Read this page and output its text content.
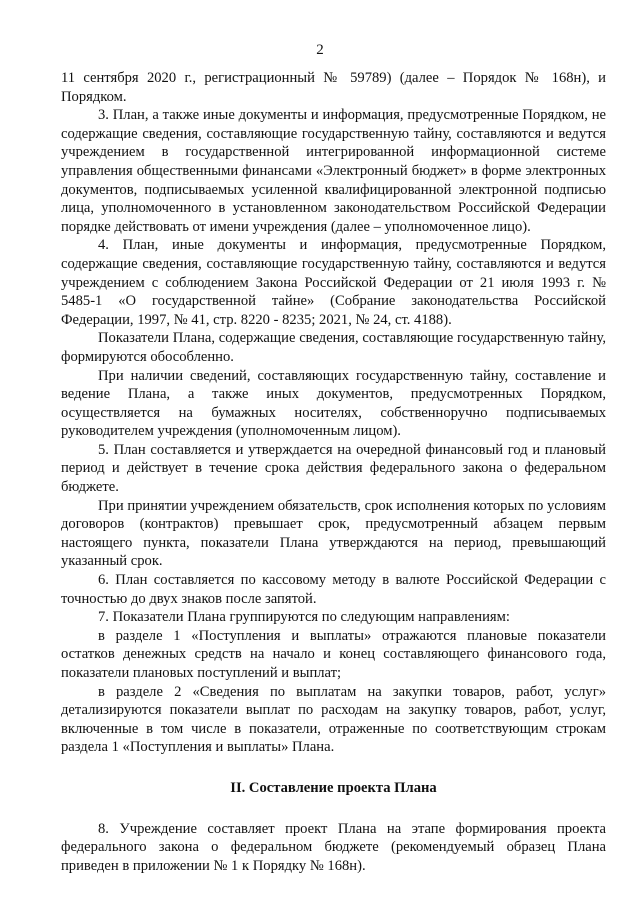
2

11 сентября 2020 г., регистрационный № 59789) (далее – Порядок № 168н), и Порядком.

3. План, а также иные документы и информация, предусмотренные Порядком, не содержащие сведения, составляющие государственную тайну, составляются и ведутся учреждением в государственной интегрированной информационной системе управления общественными финансами «Электронный бюджет» в форме электронных документов, подписываемых усиленной квалифицированной электронной подписью лица, уполномоченного в установленном законодательством Российской Федерации порядке действовать от имени учреждения (далее – уполномоченное лицо).

4. План, иные документы и информация, предусмотренные Порядком, содержащие сведения, составляющие государственную тайну, составляются и ведутся учреждением с соблюдением Закона Российской Федерации от 21 июля 1993 г. № 5485-1 «О государственной тайне» (Собрание законодательства Российской Федерации, 1997, № 41, стр. 8220 - 8235; 2021, № 24, ст. 4188).

Показатели Плана, содержащие сведения, составляющие государственную тайну, формируются обособленно.

При наличии сведений, составляющих государственную тайну, составление и ведение Плана, а также иных документов, предусмотренных Порядком, осуществляется на бумажных носителях, собственноручно подписываемых руководителем учреждения (уполномоченным лицом).

5. План составляется и утверждается на очередной финансовый год и плановый период и действует в течение срока действия федерального закона о федеральном бюджете.

При принятии учреждением обязательств, срок исполнения которых по условиям договоров (контрактов) превышает срок, предусмотренный абзацем первым настоящего пункта, показатели Плана утверждаются на период, превышающий указанный срок.

6. План составляется по кассовому методу в валюте Российской Федерации с точностью до двух знаков после запятой.

7. Показатели Плана группируются по следующим направлениям:

в разделе 1 «Поступления и выплаты» отражаются плановые показатели остатков денежных средств на начало и конец составляющего финансового года, показатели плановых поступлений и выплат;

в разделе 2 «Сведения по выплатам на закупки товаров, работ, услуг» детализируются показатели выплат по расходам на закупку товаров, работ, услуг, включенные в том числе в показатели, отраженные по соответствующим строкам раздела 1 «Поступления и выплаты» Плана.

II. Составление проекта Плана

8. Учреждение составляет проект Плана на этапе формирования проекта федерального закона о федеральном бюджете (рекомендуемый образец Плана приведен в приложении № 1 к Порядку № 168н).
